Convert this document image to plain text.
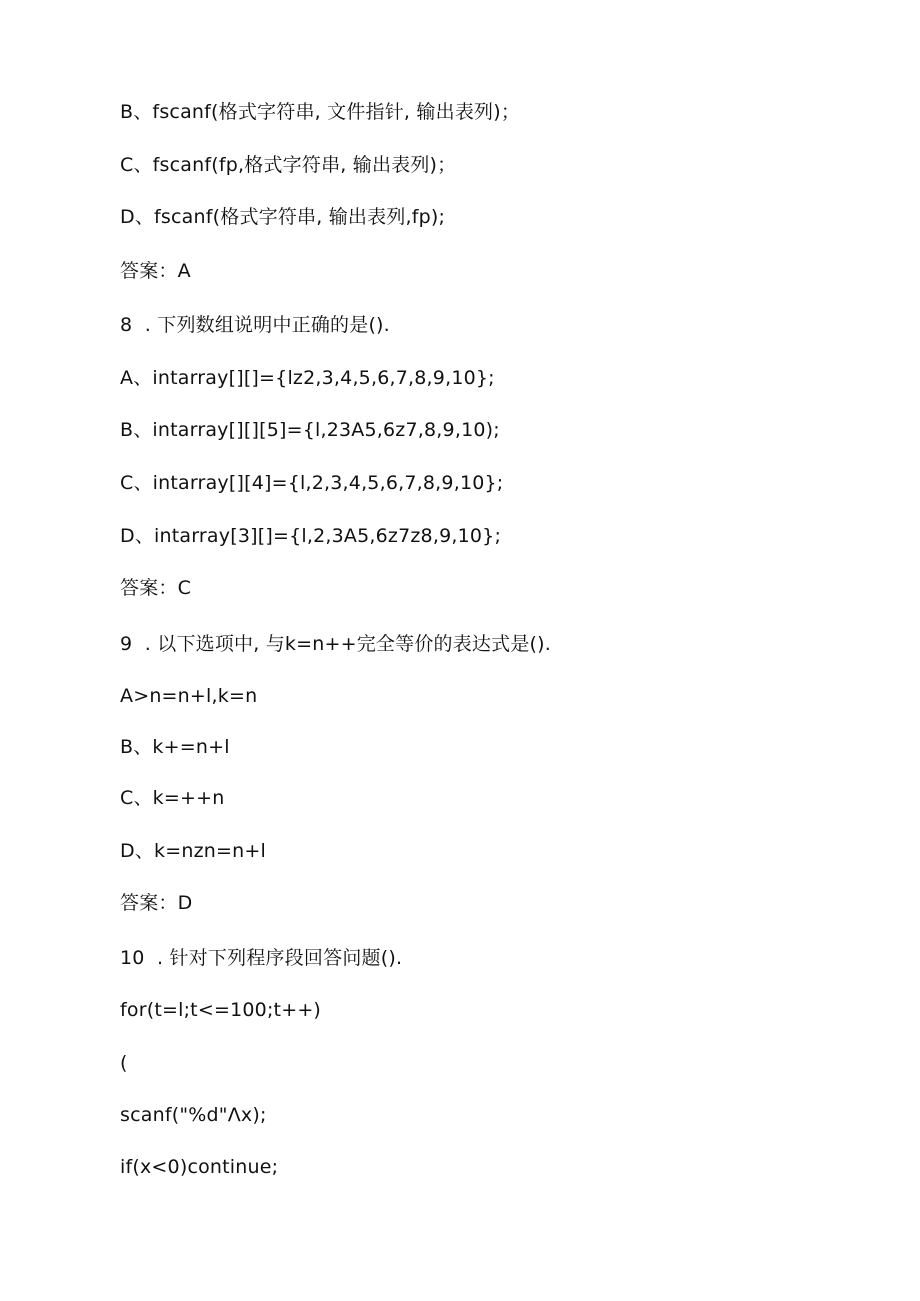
B、fscanf(格式字符串, 文件指针, 输出表列)；
C、fscanf(fp,格式字符串, 输出表列)；
D、fscanf(格式字符串, 输出表列,fp);
答案：A
8  . 下列数组说明中正确的是().
A、intarray[][]={lz2,3,4,5,6,7,8,9,10};
B、intarray[][][5]={l,23A5,6z7,8,9,10);
C、intarray[][4]={l,2,3,4,5,6,7,8,9,10};
D、intarray[3][]={l,2,3A5,6z7z8,9,10};
答案：C
9  . 以下选项中, 与k=n++完全等价的表达式是().
A>n=n+l,k=n
B、k+=n+l
C、k=++n
D、k=nzn=n+l
答案：D
10  . 针对下列程序段回答问题().
for(t=l;t<=100;t++)
(
scanf("%d"Λx);
if(x<0)continue;
